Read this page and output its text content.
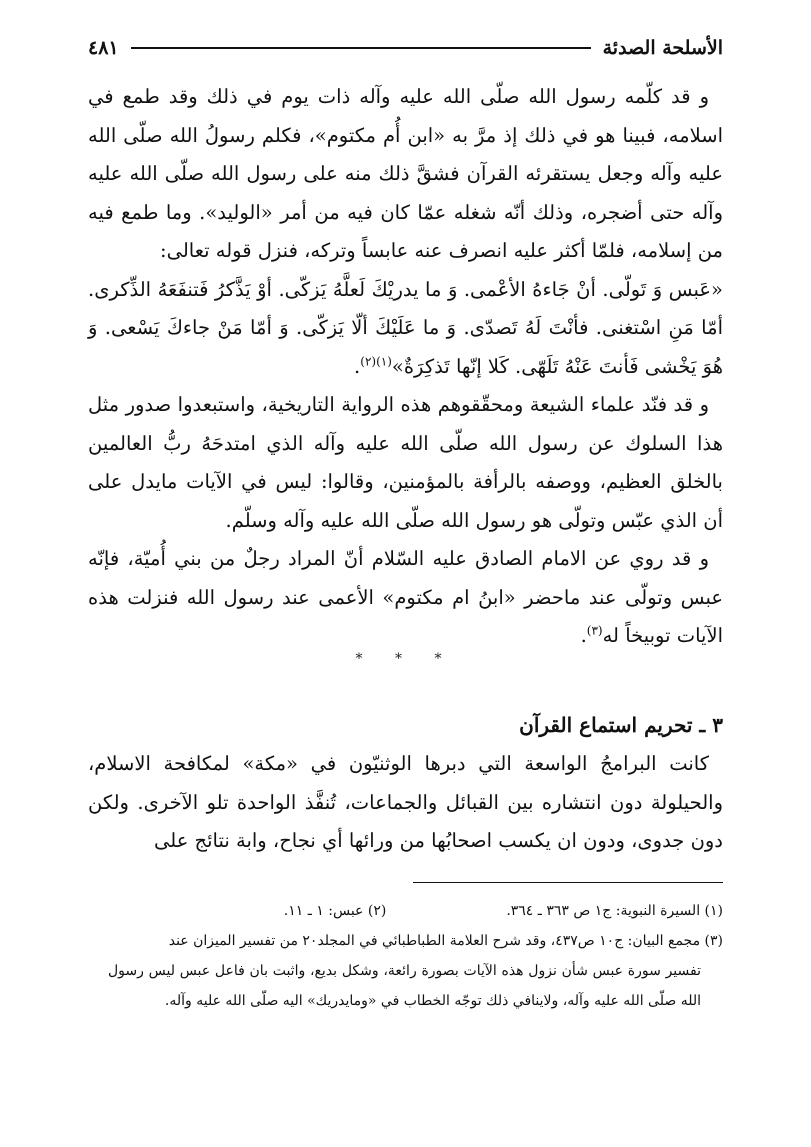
الأسلحة الصدئة
٤٨١

و قد كلّمه رسول الله صلّى الله عليه وآله ذات يوم في ذلك وقد طمع في اسلامه، فبينا هو في ذلك إذ مرَّ به «ابن أُم مكتوم»، فكلم رسولُ الله صلّى الله عليه وآله وجعل يستقرئه القرآن فشقَّ ذلك منه على رسول الله صلّى الله عليه وآله حتى أضجره، وذلك أنّه شغله عمّا كان فيه من أمر «الوليد». وما طمع فيه من إسلامه، فلمّا أكثر عليه انصرف عنه عابساً وتركه، فنزل قوله تعالى:

«عَبس وَ تَولّى. أنْ جَاءهُ الأعْمى. وَ ما يدريْكَ لَعلَّهُ يَزكّى. أوْ يَذَّكرُ فَتنفَعَهُ الذِّكرى. أمّا مَنِ اسْتغنى. فأنْتَ لَهُ تَصدّى. وَ ما عَلَيْكَ ألّا يَزكّى. وَ أمّا مَنْ جاءكَ يَسْعى. وَ هُوَ يَخْشى فَأنتَ عَنْهُ تَلَهّى. كَلا إنّها تَذكِرَةٌ»$^{(١)(٢)}$.

و قد فنّد علماء الشيعة ومحقّقوهم هذه الرواية التاريخية، واستبعدوا صدور مثل هذا السلوك عن رسول الله صلّى الله عليه وآله الذي امتدحَهُ ربُّ العالمين بالخلق العظيم، ووصفه بالرأفة بالمؤمنين، وقالوا: ليس في الآيات مايدل على أن الذي عبّس وتولّى هو رسول الله صلّى الله عليه وآله وسلّم.

و قد روي عن الامام الصادق عليه السّلام أنّ المراد رجلٌ من بني أُميّة، فإنّه عبس وتولّى عند ماحضر «ابنُ ام مكتوم» الأعمى عند رسول الله فنزلت هذه الآيات توبيخاً له$^{(٣)}$.

* * *
٣ ـ تحريم استماع القرآن

كانت البرامجُ الواسعة التي دبرها الوثنيّون في «مكة» لمكافحة الاسلام، والحيلولة دون انتشاره بين القبائل والجماعات، تُنفَّذ الواحدة تلو الآخرى. ولكن دون جدوى، ودون ان يكسب اصحابُها من ورائها أي نجاح، وابة نتائج على

(١) السيرة النبوية: ج١ ص ٣٦٣ ـ ٣٦٤.
(٢) عبس: ١ ـ ١١.

(٣) مجمع البيان: ج١٠ ص٤٣٧، وقد شرح العلامة الطباطبائي في المجلد٢٠ من تفسير الميزان عند
تفسير سورة عبس شأن نزول هذه الآيات بصورة رائعة، وشكل بديع، واثبت بان فاعل عبس ليس رسول الله صلّى الله عليه وآله، ولاينافي ذلك توجّه الخطاب في «ومايدريك» اليه صلّى الله عليه وآله.
